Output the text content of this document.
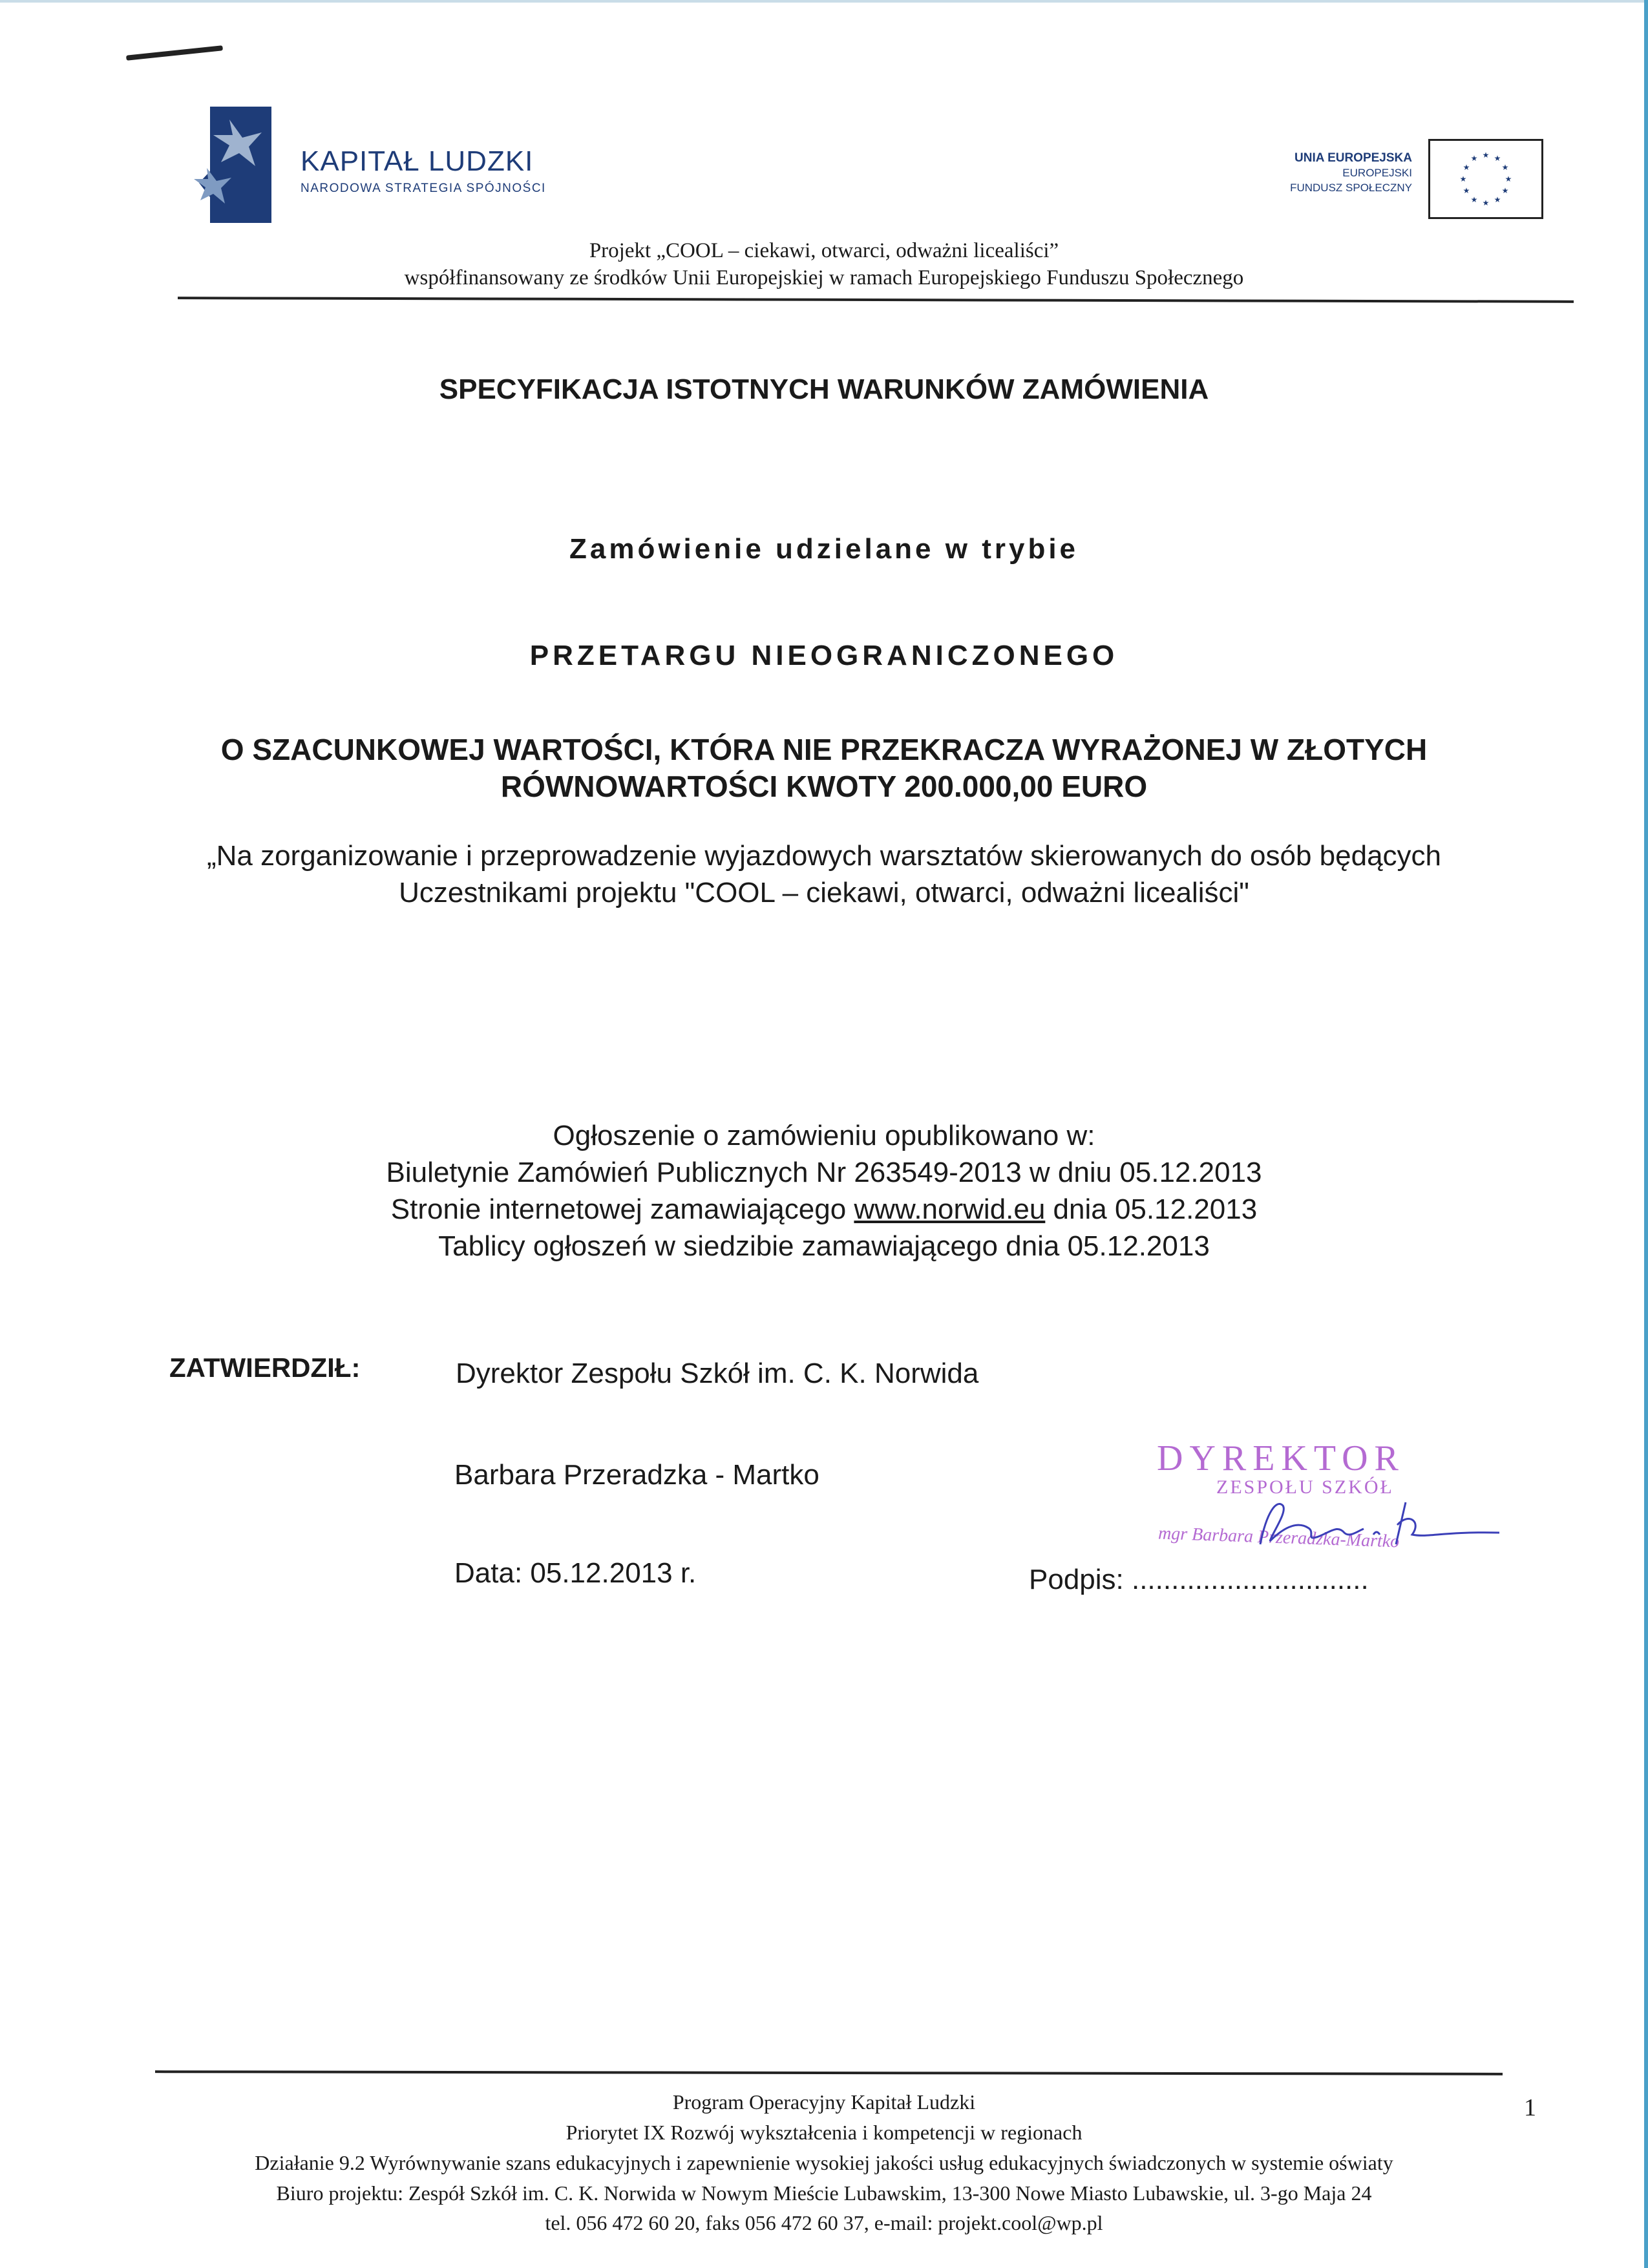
KAPITAŁ LUDZKI
NARODOWA STRATEGIA SPÓJNOŚCI
UNIA EUROPEJSKA
EUROPEJSKI
FUNDUSZ SPOŁECZNY
★ ★
★
★
★
★
★
★
★
★
★
★
Projekt „COOL – ciekawi, otwarci, odważni licealiści”
współfinansowany ze środków Unii Europejskiej w ramach Europejskiego Funduszu Społecznego
SPECYFIKACJA ISTOTNYCH WARUNKÓW ZAMÓWIENIA
Zamówienie udzielane w trybie
PRZETARGU NIEOGRANICZONEGO
O SZACUNKOWEJ WARTOŚCI, KTÓRA NIE PRZEKRACZA WYRAŻONEJ W ZŁOTYCH
RÓWNOWARTOŚCI KWOTY 200.000,00 EURO
„Na zorganizowanie i przeprowadzenie wyjazdowych warsztatów skierowanych do osób będących
Uczestnikami projektu "COOL – ciekawi, otwarci, odważni licealiści"
Ogłoszenie o zamówieniu opublikowano w:
Biuletynie Zamówień Publicznych Nr 263549-2013 w dniu 05.12.2013
Stronie internetowej zamawiającego www.norwid.eu dnia 05.12.2013
Tablicy ogłoszeń w siedzibie zamawiającego dnia 05.12.2013
ZATWIERDZIŁ:	Dyrektor Zespołu Szkół im. C. K. Norwida
Barbara Przeradzka - Martko
Data: 05.12.2013 r.	Podpis: ..............................
DYREKTOR
ZESPOŁU SZKÓŁ
mgr Barbara Przeradzka-Martko
Program Operacyjny Kapitał Ludzki
Priorytet IX Rozwój wykształcenia i kompetencji w regionach
Działanie 9.2 Wyrównywanie szans edukacyjnych i zapewnienie wysokiej jakości usług edukacyjnych świadczonych w systemie oświaty
Biuro projektu: Zespół Szkół im. C. K. Norwida w Nowym Mieście Lubawskim, 13-300 Nowe Miasto Lubawskie, ul. 3-go Maja 24
tel. 056 472 60 20, faks 056 472 60 37, e-mail: projekt.cool@wp.pl
1
